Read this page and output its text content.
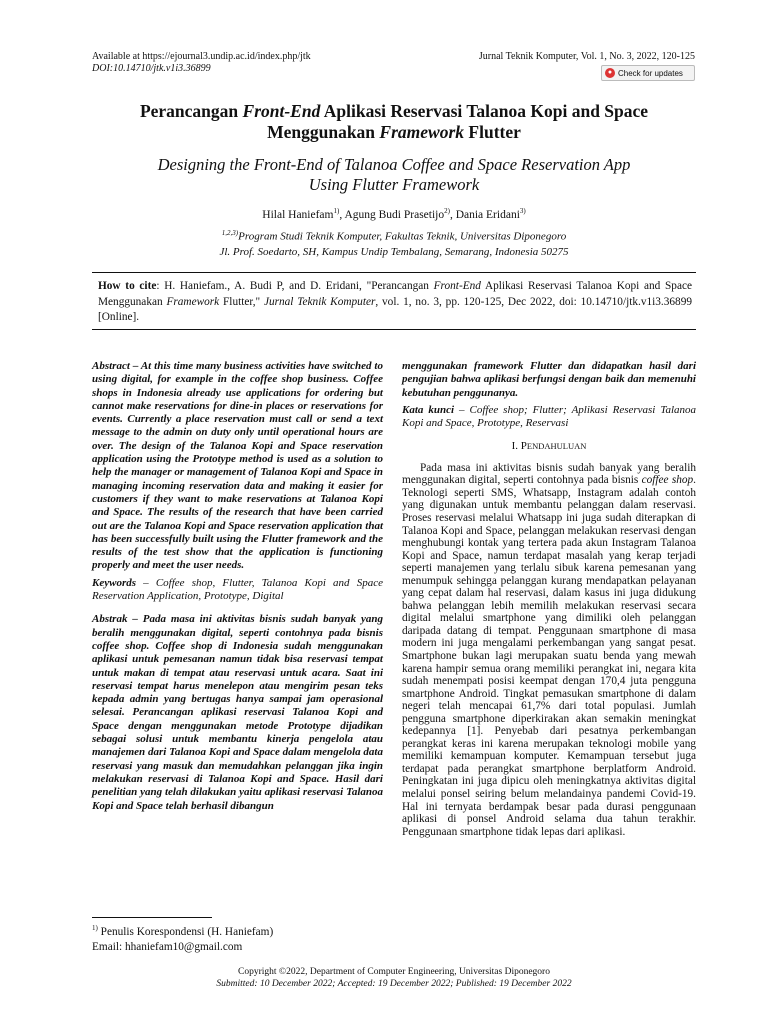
Available at https://ejournal3.undip.ac.id/index.php/jtk
DOI:10.14710/jtk.v1i3.36899
Jurnal Teknik Komputer, Vol. 1, No. 3, 2022, 120-125
● Check for updates
Perancangan Front-End Aplikasi Reservasi Talanoa Kopi and Space
Menggunakan Framework Flutter
Designing the Front-End of Talanoa Coffee and Space Reservation App
Using Flutter Framework
Hilal Haniefam$^{1)}$, Agung Budi Prasetijo$^{2)}$, Dania Eridani$^{3)}$
$^{1,2,3)}$Program Studi Teknik Komputer, Fakultas Teknik, Universitas Diponegoro
Jl. Prof. Soedarto, SH, Kampus Undip Tembalang, Semarang, Indonesia 50275
How to cite: H. Haniefam., A. Budi P, and D. Eridani, "Perancangan Front-End Aplikasi Reservasi Talanoa Kopi and Space Menggunakan Framework Flutter," Jurnal Teknik Komputer, vol. 1, no. 3, pp. 120-125, Dec 2022, doi: 10.14710/jtk.v1i3.36899 [Online].

Abstract – At this time many business activities have switched to using digital, for example in the coffee shop business. Coffee shops in Indonesia already use applications for ordering but cannot make reservations for dine-in places or reservations for events. Currently a place reservation must call or send a text message to the admin on duty only until operational hours are over. The design of the Talanoa Kopi and Space reservation application using the Prototype method is used as a solution to help the manager or management of Talanoa Kopi and Space in managing incoming reservation data and making it easier for customers if they want to make reservations at Talanoa Kopi and Space. The results of the research that have been carried out are the Talanoa Kopi and Space reservation application that has been successfully built using the Flutter framework and the results of the test show that the application is functioning properly and meet the user needs.

Keywords – Coffee shop, Flutter, Talanoa Kopi and Space Reservation Application, Prototype, Digital

Abstrak – Pada masa ini aktivitas bisnis sudah banyak yang beralih menggunakan digital, seperti contohnya pada bisnis coffee shop. Coffee shop di Indonesia sudah menggunakan aplikasi untuk pemesanan namun tidak bisa reservasi tempat untuk makan di tempat atau reservasi untuk acara. Saat ini reservasi tempat harus menelepon atau mengirim pesan teks kepada admin yang bertugas hanya sampai jam operasional selesai. Perancangan aplikasi reservasi Talanoa Kopi and Space dengan menggunakan metode Prototype dijadikan sebagai solusi untuk membantu kinerja pengelola atau manajemen dari Talanoa Kopi and Space dalam mengelola data reservasi yang masuk dan memudahkan pelanggan jika ingin melakukan reservasi di Talanoa Kopi and Space. Hasil dari penelitian yang telah dilakukan yaitu aplikasi reservasi Talanoa Kopi and Space telah berhasil dibangun

menggunakan framework Flutter dan didapatkan hasil dari pengujian bahwa aplikasi berfungsi dengan baik dan memenuhi kebutuhan penggunanya.

Kata kunci – Coffee shop; Flutter; Aplikasi Reservasi Talanoa Kopi and Space, Prototype, Reservasi

I. PENDAHULUAN

Pada masa ini aktivitas bisnis sudah banyak yang beralih menggunakan digital, seperti contohnya pada bisnis coffee shop. Teknologi seperti SMS, Whatsapp, Instagram adalah contoh yang digunakan untuk membantu pelanggan dalam reservasi. Proses reservasi melalui Whatsapp ini juga sudah diterapkan di Talanoa Kopi and Space, pelanggan melakukan reservasi dengan menghubungi kontak yang tertera pada akun Instagram Talanoa Kopi and Space, namun terdapat masalah yang kerap terjadi seperti manajemen yang terlalu sibuk karena pemesanan yang menumpuk sehingga pelanggan kurang mendapatkan pelayanan yang cepat dalam hal reservasi, dalam kasus ini juga didukung bahwa pelanggan lebih memilih melakukan reservasi secara digital melalui smartphone yang dimiliki oleh pelanggan daripada datang di tempat. Penggunaan smartphone di masa modern ini juga mengalami perkembangan yang sangat pesat. Smartphone bukan lagi merupakan suatu benda yang mewah karena hampir semua orang memiliki perangkat ini, negara kita sudah menempati posisi keempat dengan 170,4 juta pengguna smartphone Android. Tingkat pemasukan smartphone di dalam negeri telah mencapai 61,7% dari total populasi. Jumlah pengguna smartphone diperkirakan akan semakin meningkat kedepannya [1]. Penyebab dari pesatnya perkembangan perangkat keras ini karena merupakan teknologi mobile yang memiliki kemampuan komputer. Kemampuan tersebut juga terdapat pada perangkat smartphone berplatform Android. Peningkatan ini juga dipicu oleh meningkatnya aktivitas digital melalui ponsel seiring belum melandainya pandemi Covid-19. Hal ini ternyata berdampak besar pada durasi penggunaan aplikasi di ponsel Android selama dua tahun terakhir. Penggunaan smartphone tidak lepas dari aplikasi.

$^{1)}$ Penulis Korespondensi (H. Haniefam)
Email: hhaniefam10@gmail.com
Copyright ©2022, Department of Computer Engineering, Universitas Diponegoro
Submitted: 10 December 2022; Accepted: 19 December 2022; Published: 19 December 2022
